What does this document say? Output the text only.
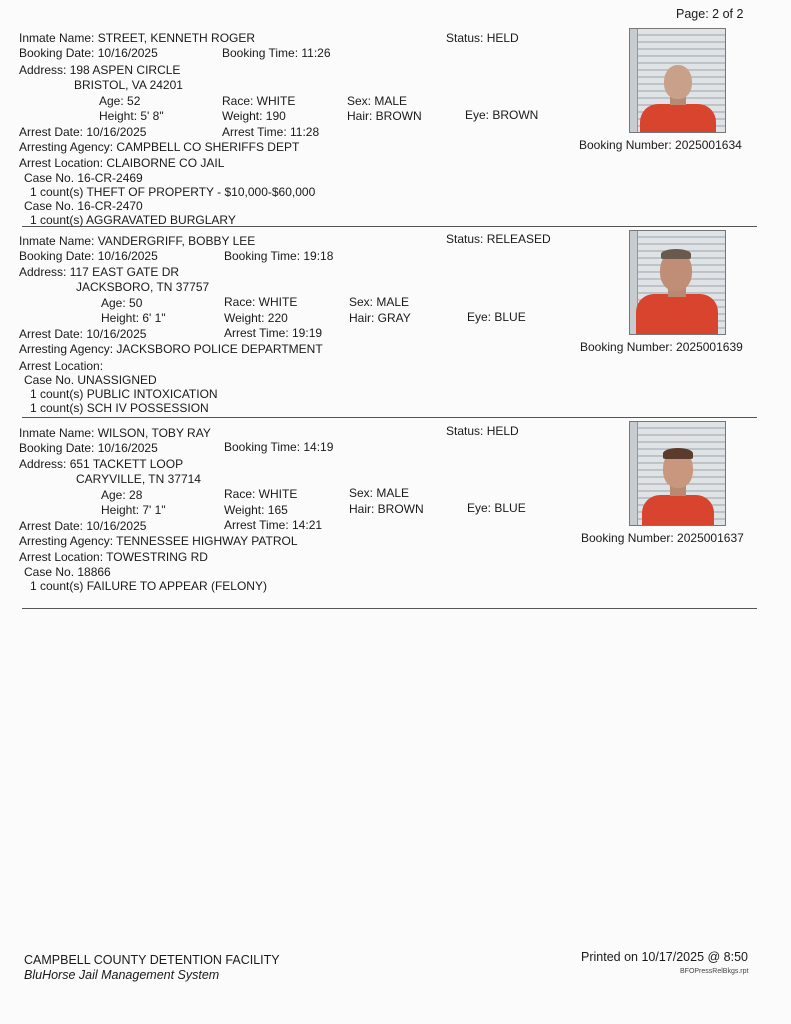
Page: 2 of 2
Inmate Name: STREET, KENNETH ROGER	Status: HELD
Booking Date: 10/16/2025	Booking Time: 11:26
Address: 198 ASPEN CIRCLE
BRISTOL, VA 24201
Age: 52	Race: WHITE	Sex: MALE
Height: 5' 8"	Weight: 190	Hair: BROWN	Eye: BROWN
Arrest Date: 10/16/2025	Arrest Time: 11:28
Booking Number: 2025001634
Arresting Agency: CAMPBELL CO SHERIFFS DEPT
Arrest Location: CLAIBORNE CO JAIL
Case No. 16-CR-2469
1 count(s) THEFT OF PROPERTY - $10,000-$60,000
Case No. 16-CR-2470
1 count(s) AGGRAVATED BURGLARY
Inmate Name: VANDERGRIFF, BOBBY LEE	Status: RELEASED
Booking Date: 10/16/2025	Booking Time: 19:18
Address: 117 EAST GATE DR
JACKSBORO, TN 37757
Age: 50	Race: WHITE	Sex: MALE
Height: 6' 1"	Weight: 220	Hair: GRAY	Eye: BLUE
Arrest Date: 10/16/2025	Arrest Time: 19:19
Booking Number: 2025001639
Arresting Agency: JACKSBORO POLICE DEPARTMENT
Arrest Location:
Case No. UNASSIGNED
1 count(s) PUBLIC INTOXICATION
1 count(s) SCH IV POSSESSION
Inmate Name: WILSON, TOBY RAY	Status: HELD
Booking Date: 10/16/2025	Booking Time: 14:19
Address: 651 TACKETT LOOP
CARYVILLE, TN 37714
Age: 28	Race: WHITE	Sex: MALE
Height: 7' 1"	Weight: 165	Hair: BROWN	Eye: BLUE
Arrest Date: 10/16/2025	Arrest Time: 14:21
Booking Number: 2025001637
Arresting Agency: TENNESSEE HIGHWAY PATROL
Arrest Location: TOWESTRING RD
Case No. 18866
1 count(s) FAILURE TO APPEAR (FELONY)
CAMPBELL COUNTY DETENTION FACILITY
BluHorse Jail Management System
Printed on 10/17/2025 @ 8:50
BFOPressRelBkgs.rpt
